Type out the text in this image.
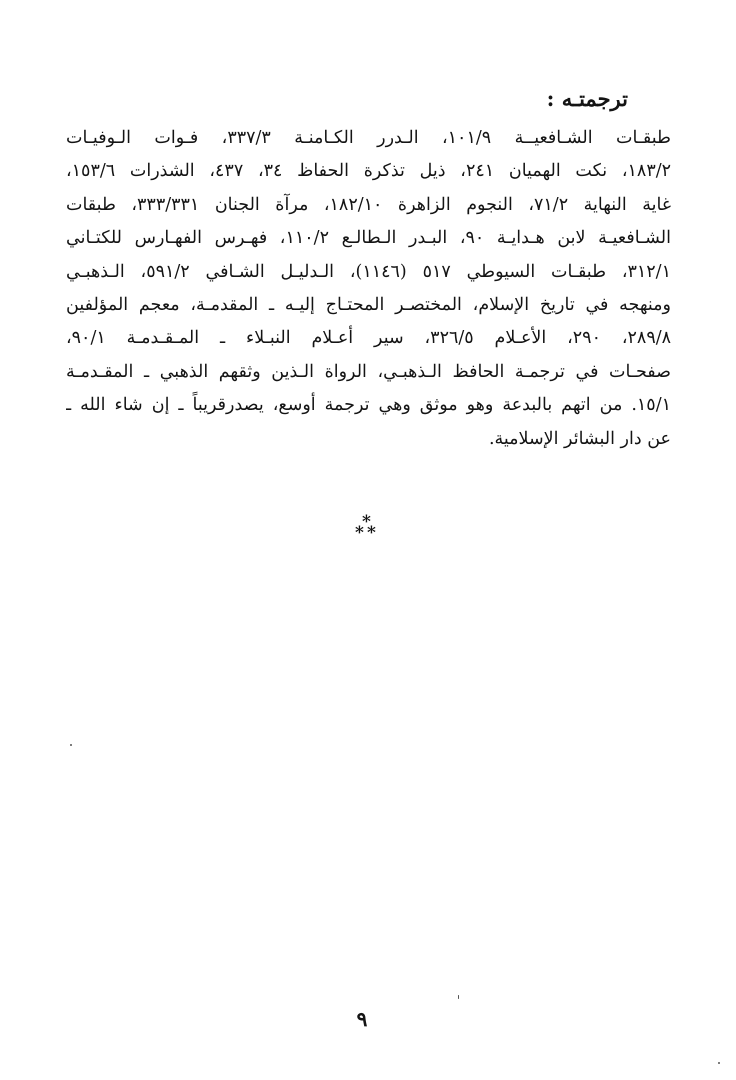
ترجمتـه :
طبقـات الشـافعيــة ١٠١/٩، الـدرر الكـامنـة ٣٣٧/٣، فـوات الـوفيـات
١٨٣/٢، نكت الهميان ٢٤١، ذيل تذكرة الحفاظ ٣٤، ٤٣٧، الشذرات ١٥٣/٦،
غاية النهاية ٧١/٢، النجوم الزاهرة ١٨٢/١٠، مرآة الجنان ٣٣٣/٣٣١، طبقات
الشـافعيـة لابن هـدايـة ٩٠، البـدر الـطالـع ١١٠/٢، فهـرس الفهـارس للكتـاني
٣١٢/١، طبقـات السيوطي ٥١٧ (١١٤٦)، الـدليـل الشـافي ٥٩١/٢، الـذهبـي
ومنهجه في تاريخ الإسلام، المختصـر المحتـاج إليـه ـ المقدمـة، معجم المؤلفين
٢٨٩/٨، ٢٩٠، الأعـلام ٣٢٦/٥، سير أعـلام النبـلاء ـ المـقـدمـة ٩٠/١،
صفحـات في ترجمـة الحافظ الـذهبـي، الرواة الـذين وثقهم الذهبي ـ المقـدمـة
١٥/١. من اتهم بالبدعة وهو موثق وهي ترجمة أوسع، يصدرقريباً ـ إن شاء الله ـ
عن دار البشائر الإسلامية.
*
* *
٩
